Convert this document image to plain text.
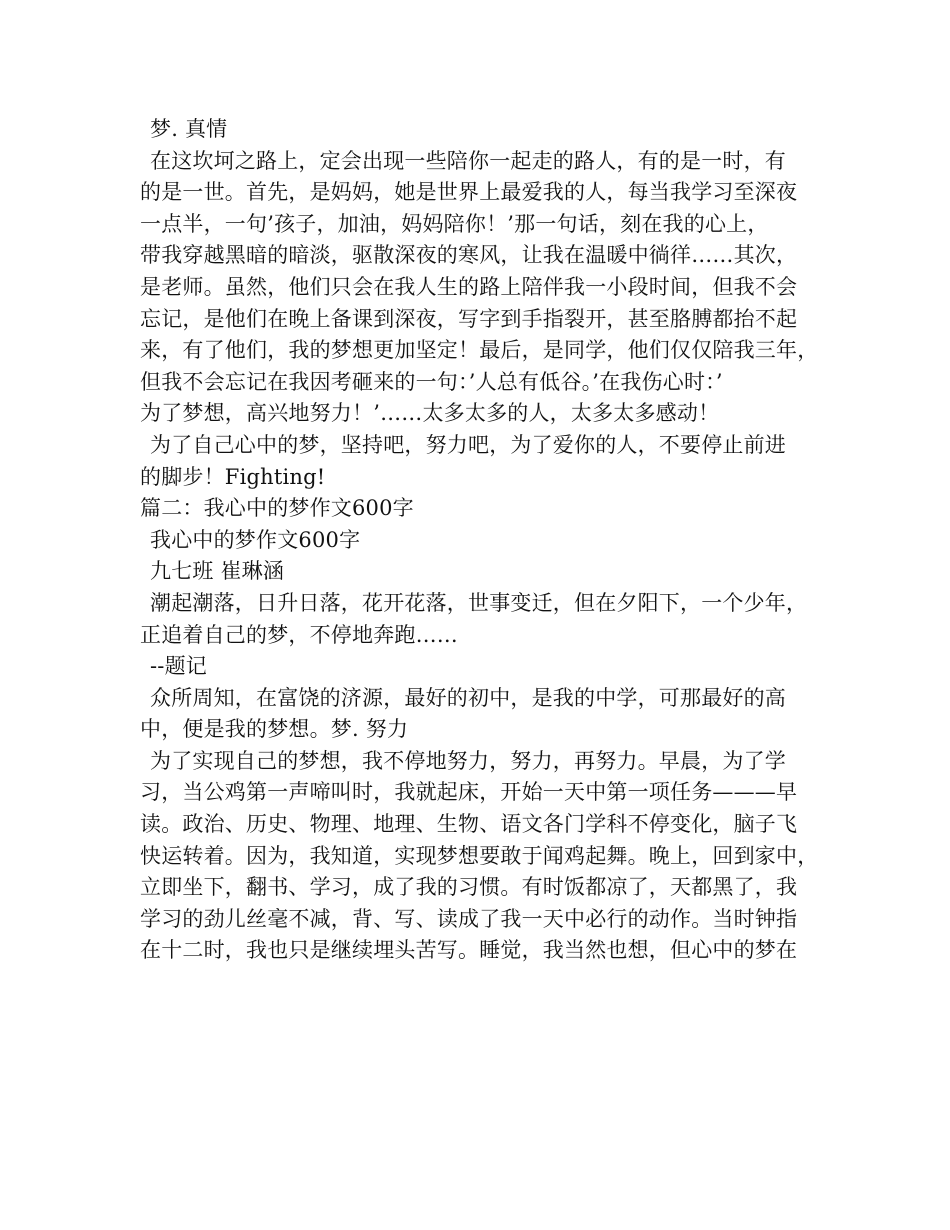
梦. 真情
在这坎坷之路上，定会出现一些陪你一起走的路人，有的是一时，有
的是一世。首先，是妈妈，她是世界上最爱我的人，每当我学习至深夜
一点半，一句’孩子，加油，妈妈陪你！’那一句话，刻在我的心上，
带我穿越黑暗的暗淡，驱散深夜的寒风，让我在温暖中徜徉……其次，
是老师。虽然，他们只会在我人生的路上陪伴我一小段时间，但我不会
忘记，是他们在晚上备课到深夜，写字到手指裂开，甚至胳膊都抬不起
来，有了他们，我的梦想更加坚定！最后，是同学，他们仅仅陪我三年，
但我不会忘记在我因考砸来的一句：’人总有低谷。’在我伤心时：’
为了梦想，高兴地努力！’……太多太多的人，太多太多感动！
为了自己心中的梦，坚持吧，努力吧，为了爱你的人，不要停止前进
的脚步！Fighting!
篇二：我心中的梦作文600字
我心中的梦作文600字
九七班 崔琳涵
潮起潮落，日升日落，花开花落，世事变迁，但在夕阳下，一个少年，
正追着自己的梦，不停地奔跑……
--题记
众所周知，在富饶的济源，最好的初中，是我的中学，可那最好的高
中，便是我的梦想。梦. 努力
为了实现自己的梦想，我不停地努力，努力，再努力。早晨，为了学
习，当公鸡第一声啼叫时，我就起床，开始一天中第一项任务———早
读。政治、历史、物理、地理、生物、语文各门学科不停变化，脑子飞
快运转着。因为，我知道，实现梦想要敢于闻鸡起舞。晚上，回到家中，
立即坐下，翻书、学习，成了我的习惯。有时饭都凉了，天都黑了，我
学习的劲儿丝毫不减，背、写、读成了我一天中必行的动作。当时钟指
在十二时，我也只是继续埋头苦写。睡觉，我当然也想，但心中的梦在
